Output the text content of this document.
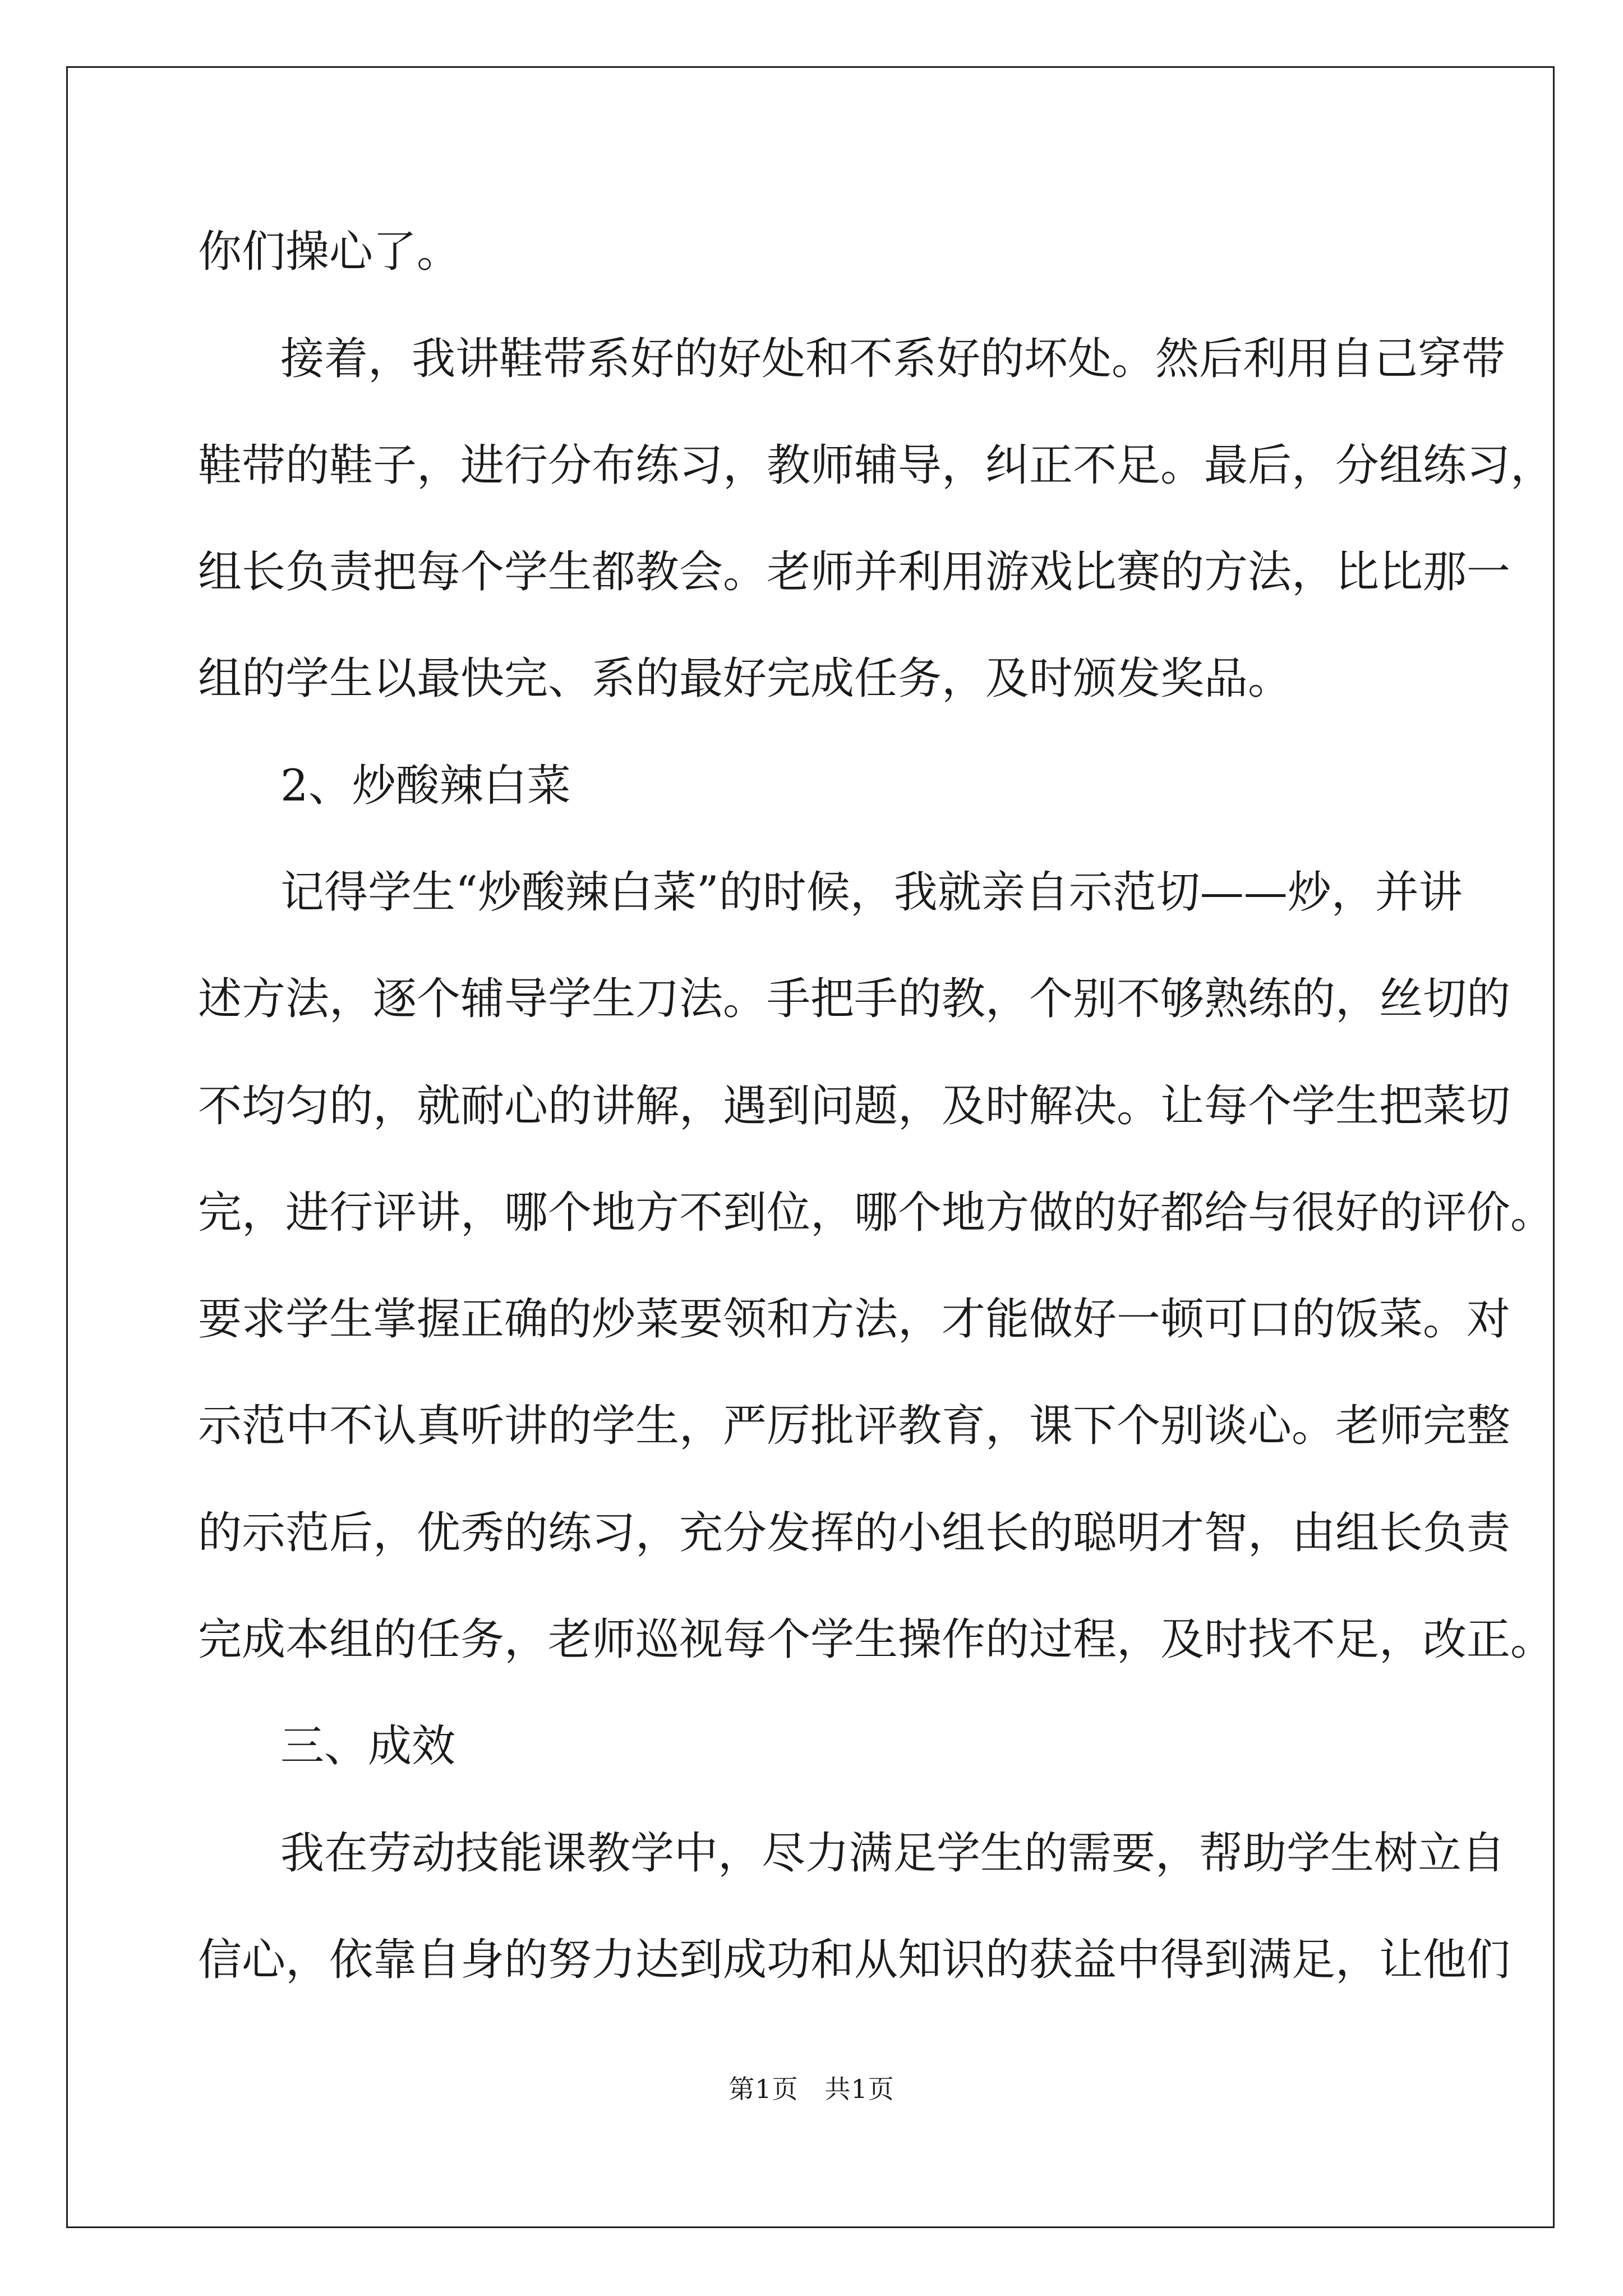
你们操心了。
接着，我讲鞋带系好的好处和不系好的坏处。然后利用自己穿带
鞋带的鞋子，进行分布练习，教师辅导，纠正不足。最后，分组练习，
组长负责把每个学生都教会。老师并利用游戏比赛的方法，比比那一
组的学生以最快完、系的最好完成任务，及时颁发奖品。
2、炒酸辣白菜
记得学生“炒酸辣白菜”的时候，我就亲自示范切——炒，并讲
述方法，逐个辅导学生刀法。手把手的教，个别不够熟练的，丝切的
不均匀的，就耐心的讲解，遇到问题，及时解决。让每个学生把菜切
完，进行评讲，哪个地方不到位，哪个地方做的好都给与很好的评价。
要求学生掌握正确的炒菜要领和方法，才能做好一顿可口的饭菜。对
示范中不认真听讲的学生，严厉批评教育，课下个别谈心。老师完整
的示范后，优秀的练习，充分发挥的小组长的聪明才智，由组长负责
完成本组的任务，老师巡视每个学生操作的过程，及时找不足，改正。
三、成效
我在劳动技能课教学中，尽力满足学生的需要，帮助学生树立自
信心，依靠自身的努力达到成功和从知识的获益中得到满足，让他们
第1页   共1页
